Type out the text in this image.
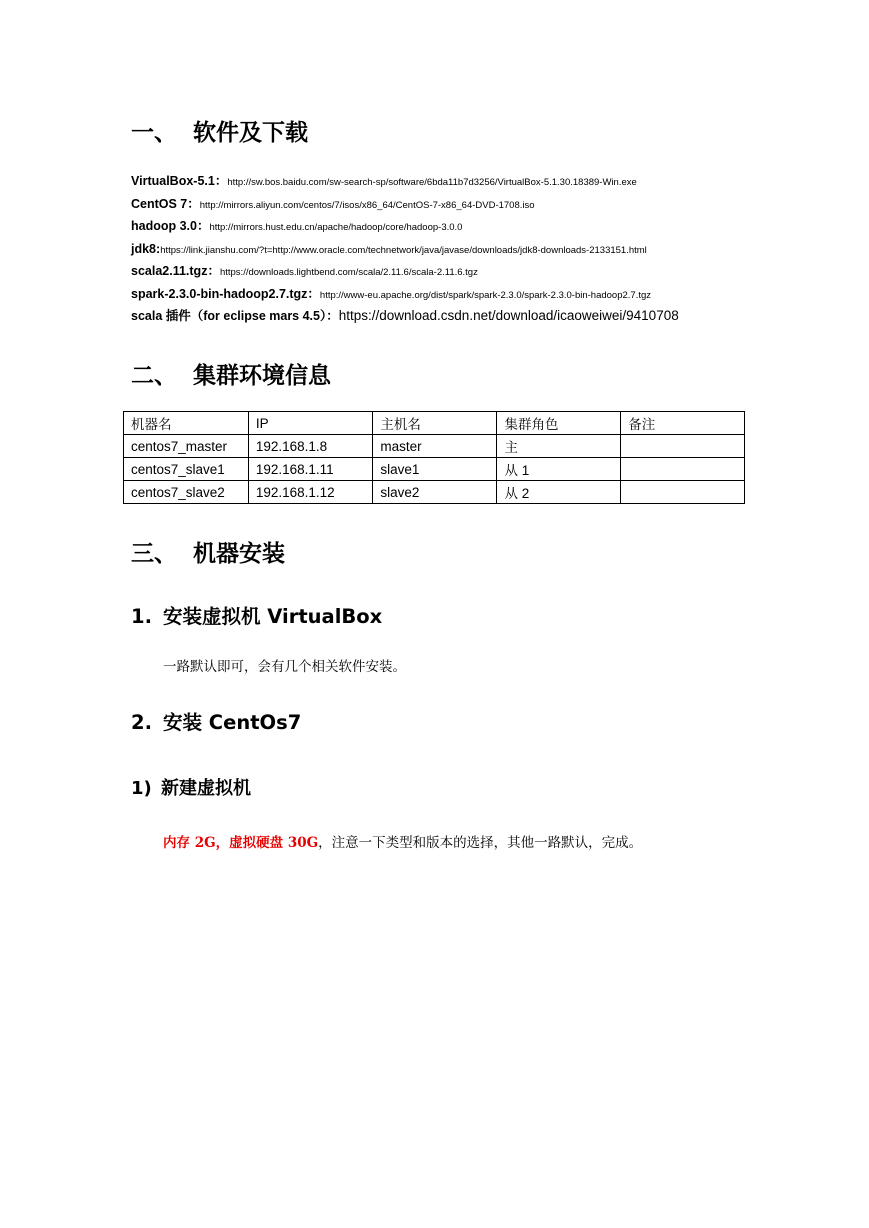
一、 软件及下载
VirtualBox-5.1：http://sw.bos.baidu.com/sw-search-sp/software/6bda11b7d3256/VirtualBox-5.1.30.18389-Win.exe
CentOS 7：http://mirrors.aliyun.com/centos/7/isos/x86_64/CentOS-7-x86_64-DVD-1708.iso
hadoop 3.0：http://mirrors.hust.edu.cn/apache/hadoop/core/hadoop-3.0.0
jdk8:https://link.jianshu.com/?t=http://www.oracle.com/technetwork/java/javase/downloads/jdk8-downloads-2133151.html
scala2.11.tgz：https://downloads.lightbend.com/scala/2.11.6/scala-2.11.6.tgz
spark-2.3.0-bin-hadoop2.7.tgz：http://www-eu.apache.org/dist/spark/spark-2.3.0/spark-2.3.0-bin-hadoop2.7.tgz
scala 插件（for eclipse mars 4.5）：https://download.csdn.net/download/icaoweiwei/9410708
二、 集群环境信息
机器名	IP	主机名	集群角色	备注
centos7_master	192.168.1.8	master	主	
centos7_slave1	192.168.1.11	slave1	从 1	
centos7_slave2	192.168.1.12	slave2	从 2	
三、 机器安装
1. 安装虚拟机 VirtualBox
一路默认即可，会有几个相关软件安装。
2. 安装 CentOs7
1) 新建虚拟机
内存 2G，虚拟硬盘 30G，注意一下类型和版本的选择，其他一路默认，完成。
